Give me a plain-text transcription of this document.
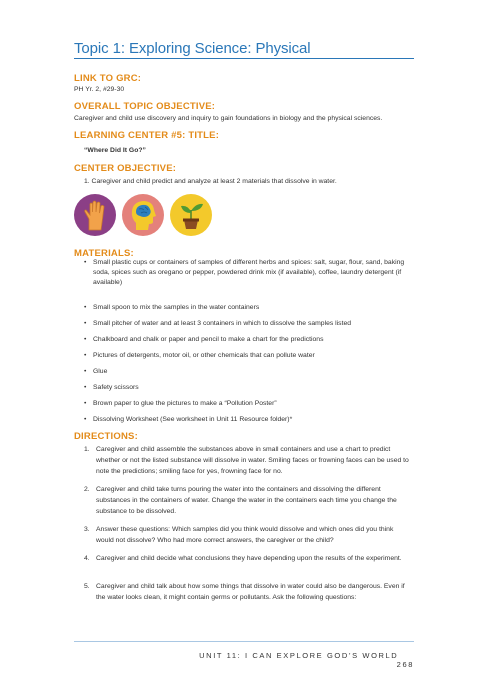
Topic 1: Exploring Science: Physical
LINK TO GRC:
PH Yr. 2, #29-30
OVERALL TOPIC OBJECTIVE:
Caregiver and child use discovery and inquiry to gain foundations in biology and the physical sciences.
LEARNING CENTER #5: TITLE:
“Where Did It Go?”
CENTER OBJECTIVE:
1. Caregiver and child predict and analyze at least 2 materials that dissolve in water.
MATERIALS:
• Small plastic cups or containers of samples of different herbs and spices: salt, sugar, flour, sand, baking soda, spices such as oregano or pepper, powdered drink mix (if available), coffee, laundry detergent (if available)
• Small spoon to mix the samples in the water containers
• Small pitcher of water and at least 3 containers in which to dissolve the samples listed
• Chalkboard and chalk or paper and pencil to make a chart for the predictions
• Pictures of detergents, motor oil, or other chemicals that can pollute water
• Glue
• Safety scissors
• Brown paper to glue the pictures to make a “Pollution Poster”
• Dissolving Worksheet (See worksheet in Unit 11 Resource folder)*
DIRECTIONS:
1. Caregiver and child assemble the substances above in small containers and use a chart to predict whether or not the listed substance will dissolve in water. Smiling faces or frowning faces can be used to note the predictions; smiling face for yes, frowning face for no.
2. Caregiver and child take turns pouring the water into the containers and dissolving the different substances in the containers of water. Change the water in the containers each time you change the substance to be dissolved.
3. Answer these questions: Which samples did you think would dissolve and which ones did you think would not dissolve? Who had more correct answers, the caregiver or the child?
4. Caregiver and child decide what conclusions they have depending upon the results of the experiment.
5. Caregiver and child talk about how some things that dissolve in water could also be dangerous. Even if the water looks clean, it might contain germs or pollutants. Ask the following questions:
UNIT 11: I CAN EXPLORE GOD’S WORLD  268
